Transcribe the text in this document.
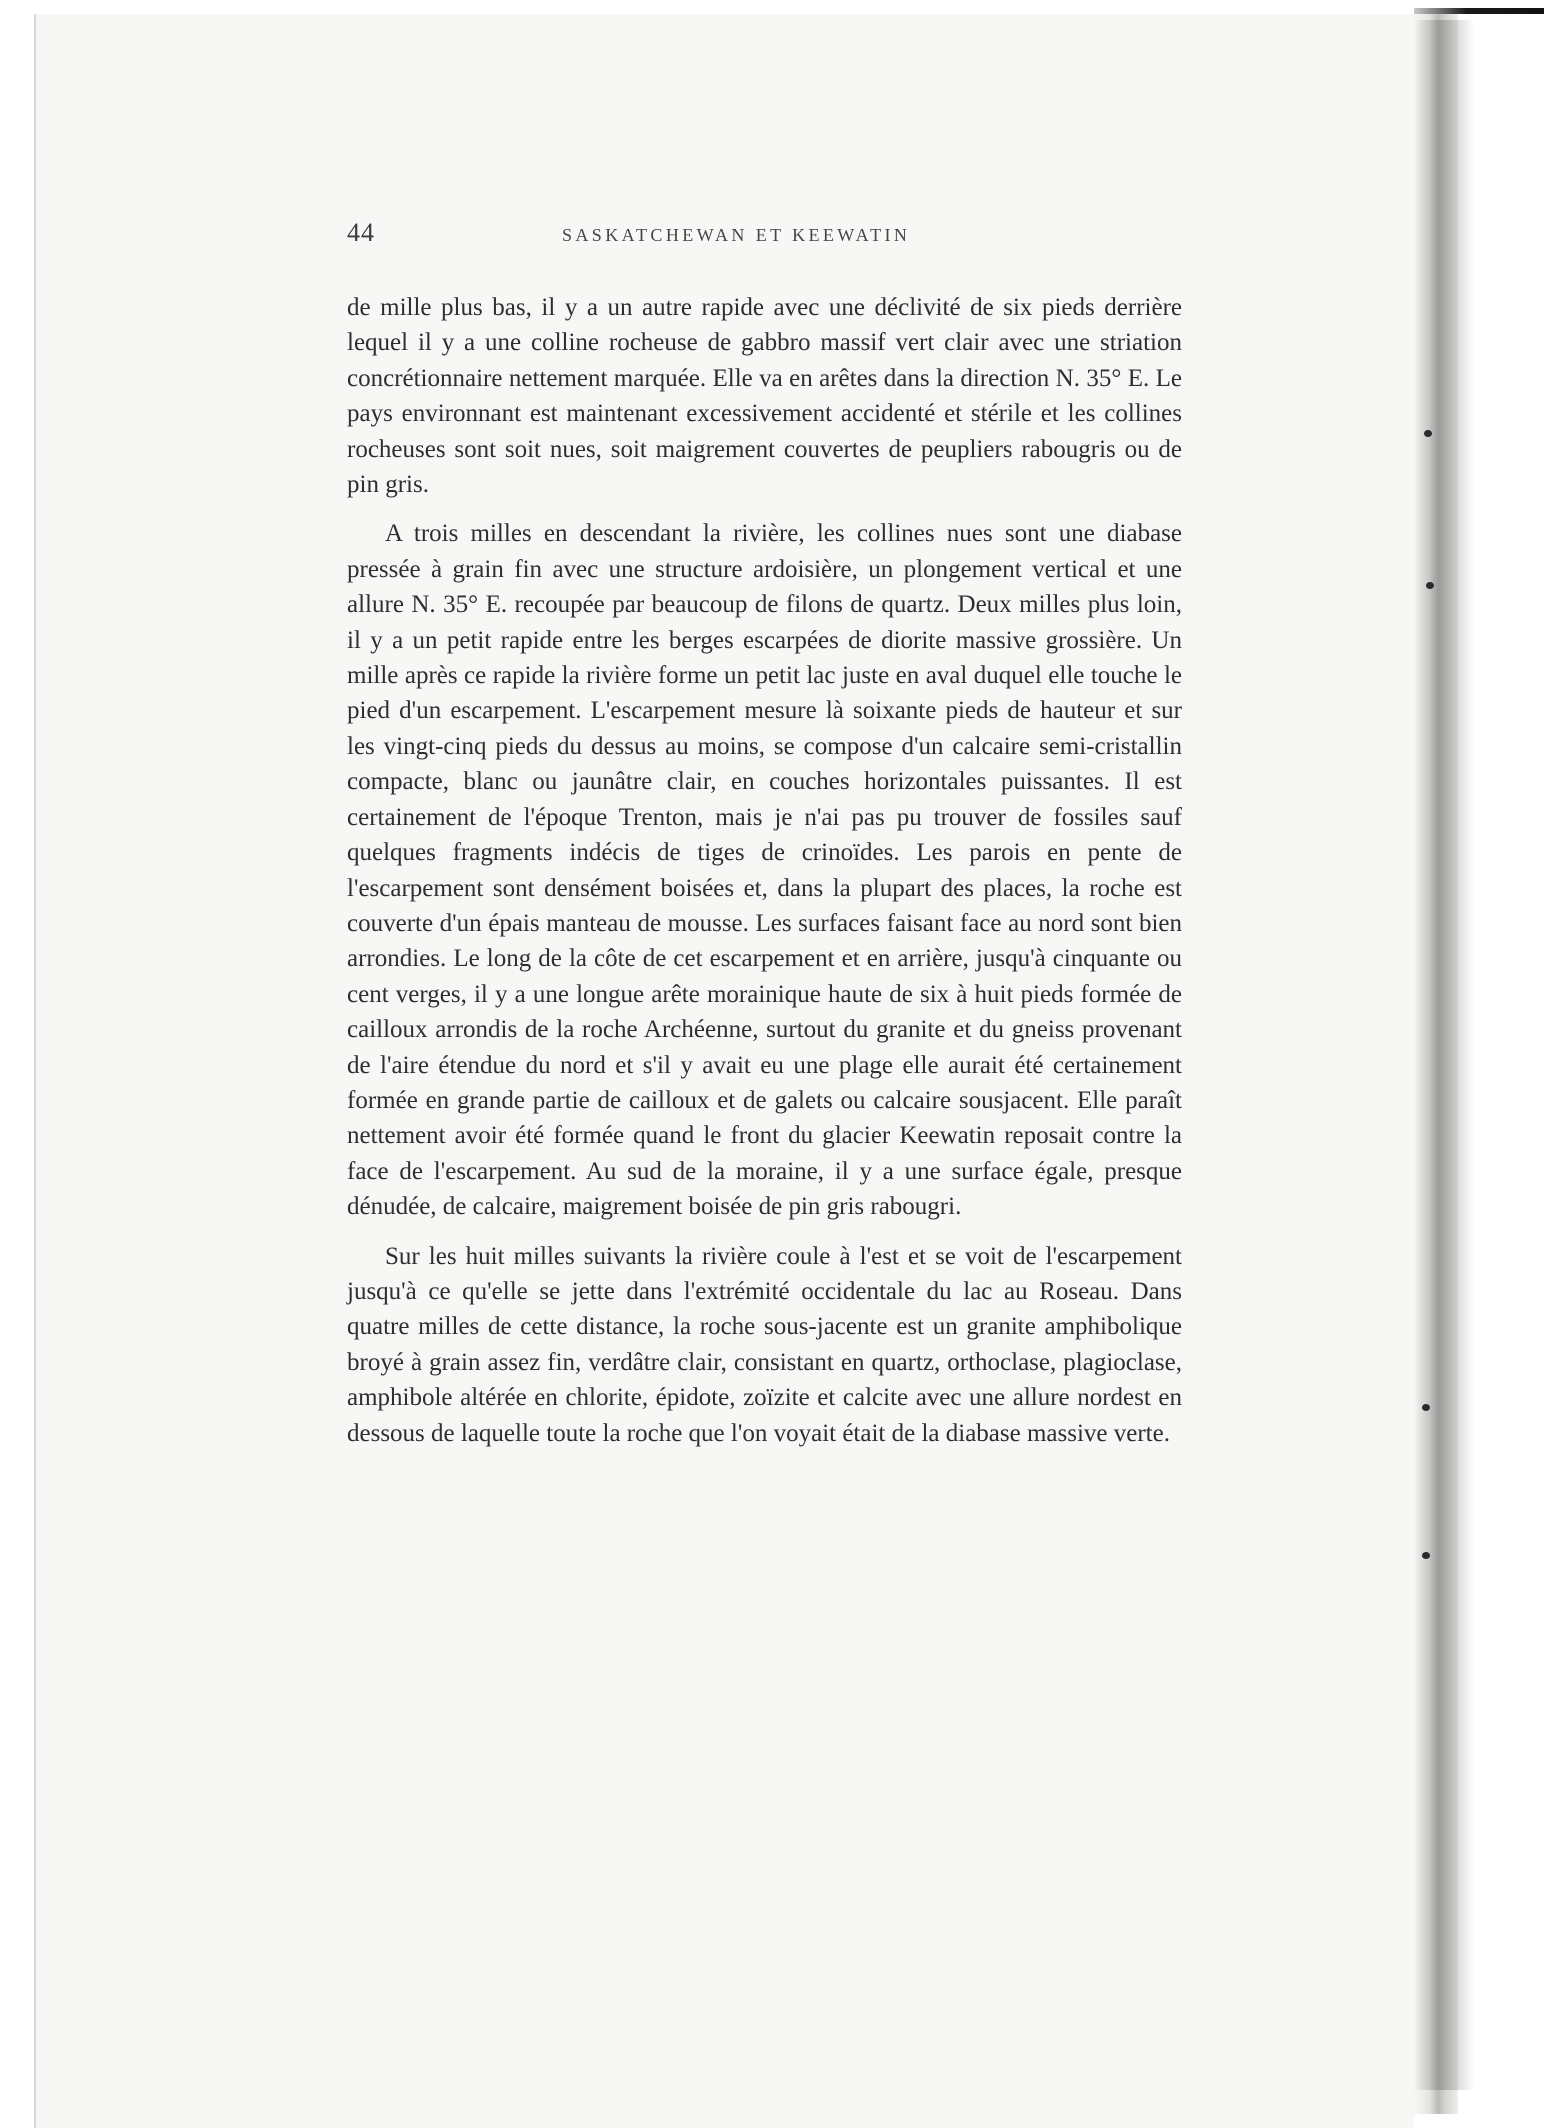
44	SASKATCHEWAN ET KEEWATIN

de mille plus bas, il y a un autre rapide avec une déclivité de six pieds derrière lequel il y a une colline rocheuse de gabbro massif vert clair avec une striation concrétionnaire nettement marquée. Elle va en arêtes dans la direction N. 35° E. Le pays environnant est maintenant excessivement accidenté et stérile et les collines rocheuses sont soit nues, soit maigrement couvertes de peupliers rabougris ou de pin gris.

A trois milles en descendant la rivière, les collines nues sont une diabase pressée à grain fin avec une structure ardoisière, un plongement vertical et une allure N. 35° E. recoupée par beaucoup de filons de quartz. Deux milles plus loin, il y a un petit rapide entre les berges escarpées de diorite massive grossière. Un mille après ce rapide la rivière forme un petit lac juste en aval duquel elle touche le pied d'un escarpement. L'escarpement mesure là soixante pieds de hauteur et sur les vingt-cinq pieds du dessus au moins, se compose d'un calcaire semi-cristallin compacte, blanc ou jaunâtre clair, en couches horizontales puissantes. Il est certainement de l'époque Trenton, mais je n'ai pas pu trouver de fossiles sauf quelques fragments indécis de tiges de crinoïdes. Les parois en pente de l'escarpement sont densément boisées et, dans la plupart des places, la roche est couverte d'un épais manteau de mousse. Les surfaces faisant face au nord sont bien arrondies. Le long de la côte de cet escarpement et en arrière, jusqu'à cinquante ou cent verges, il y a une longue arête morainique haute de six à huit pieds formée de cailloux arrondis de la roche Archéenne, surtout du granite et du gneiss provenant de l'aire étendue du nord et s'il y avait eu une plage elle aurait été certainement formée en grande partie de cailloux et de galets ou calcaire sousjacent. Elle paraît nettement avoir été formée quand le front du glacier Keewatin reposait contre la face de l'escarpement. Au sud de la moraine, il y a une surface égale, presque dénudée, de calcaire, maigrement boisée de pin gris rabougri.

Sur les huit milles suivants la rivière coule à l'est et se voit de l'escarpement jusqu'à ce qu'elle se jette dans l'extrémité occidentale du lac au Roseau. Dans quatre milles de cette distance, la roche sous-jacente est un granite amphibolique broyé à grain assez fin, verdâtre clair, consistant en quartz, orthoclase, plagioclase, amphibole altérée en chlorite, épidote, zoïzite et calcite avec une allure nordest en dessous de laquelle toute la roche que l'on voyait était de la diabase massive verte.
